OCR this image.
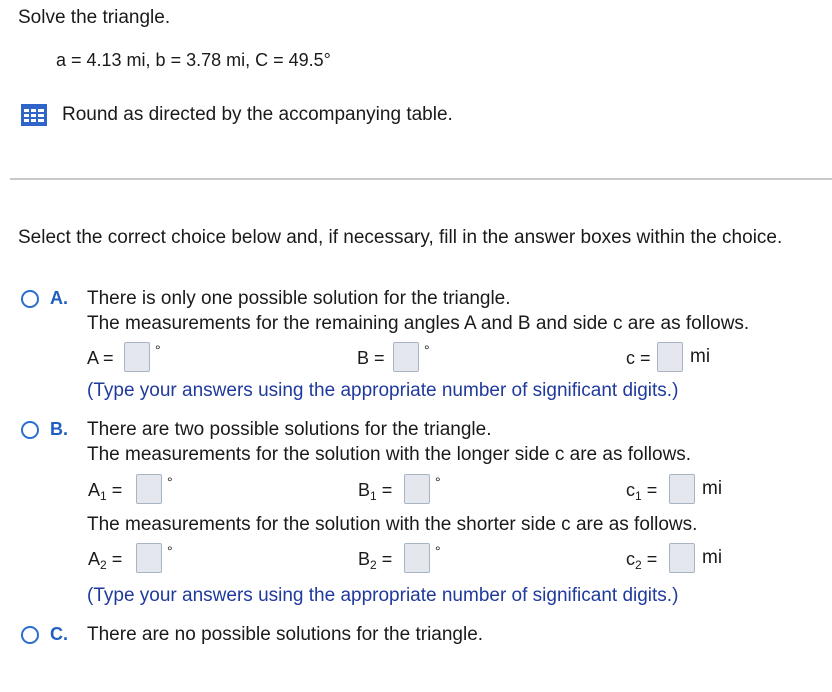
Solve the triangle.
a = 4.13 mi, b = 3.78 mi, C = 49.5°
Round as directed by the accompanying table.
Select the correct choice below and, if necessary, fill in the answer boxes within the choice.
A. There is only one possible solution for the triangle.
The measurements for the remaining angles A and B and side c are as follows.
A =	°	B =	°	c = mi
(Type your answers using the appropriate number of significant digits.)
B. There are two possible solutions for the triangle.
The measurements for the solution with the longer side c are as follows.
$A_1$ =	°	$B_1$ =	°	$c_1$ = mi
The measurements for the solution with the shorter side c are as follows.
$A_2$ =	°	$B_2$ =	°	$c_2$ = mi
(Type your answers using the appropriate number of significant digits.)
C. There are no possible solutions for the triangle.
